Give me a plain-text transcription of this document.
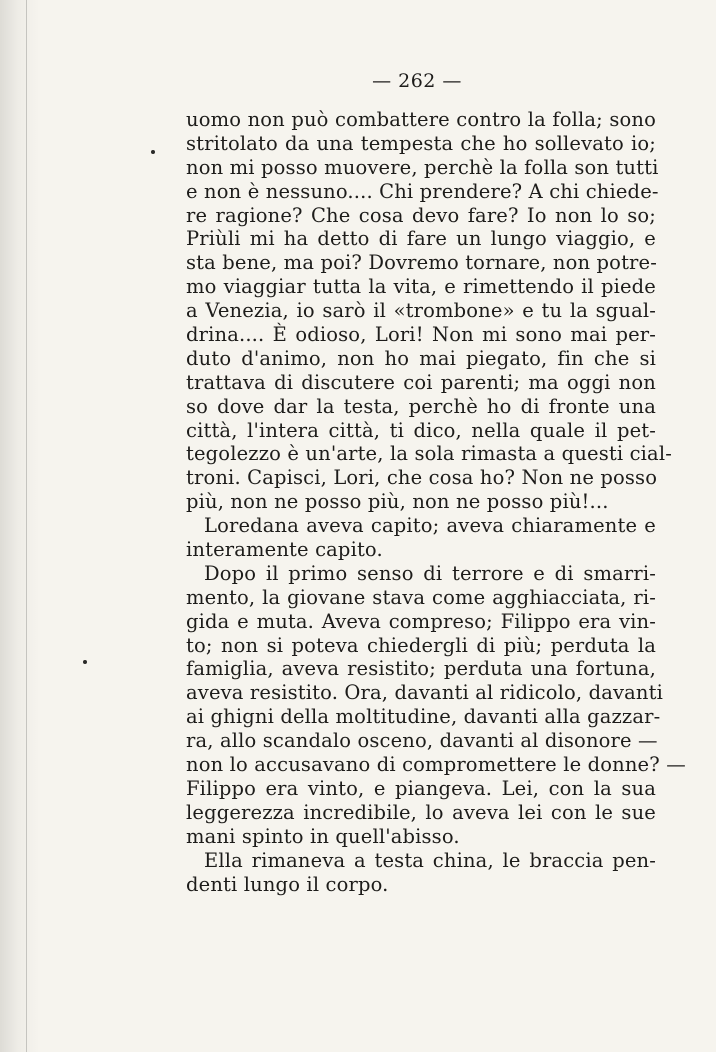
— 262 —
uomo non può combattere contro la folla; sono
stritolato da una tempesta che ho sollevato io;
non mi posso muovere, perchè la folla son tutti
e non è nessuno.... Chi prendere? A chi chiede-
re ragione? Che cosa devo fare? Io non lo so;
Priùli mi ha detto di fare un lungo viaggio, e
sta bene, ma poi? Dovremo tornare, non potre-
mo viaggiar tutta la vita, e rimettendo il piede
a Venezia, io sarò il «trombone» e tu la sgual-
drina.... È odioso, Lori! Non mi sono mai per-
duto d'animo, non ho mai piegato, fin che si
trattava di discutere coi parenti; ma oggi non
so dove dar la testa, perchè ho di fronte una
città, l'intera città, ti dico, nella quale il pet-
tegolezzo è un'arte, la sola rimasta a questi cial-
troni. Capisci, Lori, che cosa ho? Non ne posso
più, non ne posso più, non ne posso più!...
Loredana aveva capito; aveva chiaramente e
interamente capito.
Dopo il primo senso di terrore e di smarri-
mento, la giovane stava come agghiacciata, ri-
gida e muta. Aveva compreso; Filippo era vin-
to; non si poteva chiedergli di più; perduta la
famiglia, aveva resistito; perduta una fortuna,
aveva resistito. Ora, davanti al ridicolo, davanti
ai ghigni della moltitudine, davanti alla gazzar-
ra, allo scandalo osceno, davanti al disonore —
non lo accusavano di compromettere le donne? —
Filippo era vinto, e piangeva. Lei, con la sua
leggerezza incredibile, lo aveva lei con le sue
mani spinto in quell'abisso.
Ella rimaneva a testa china, le braccia pen-
denti lungo il corpo.
